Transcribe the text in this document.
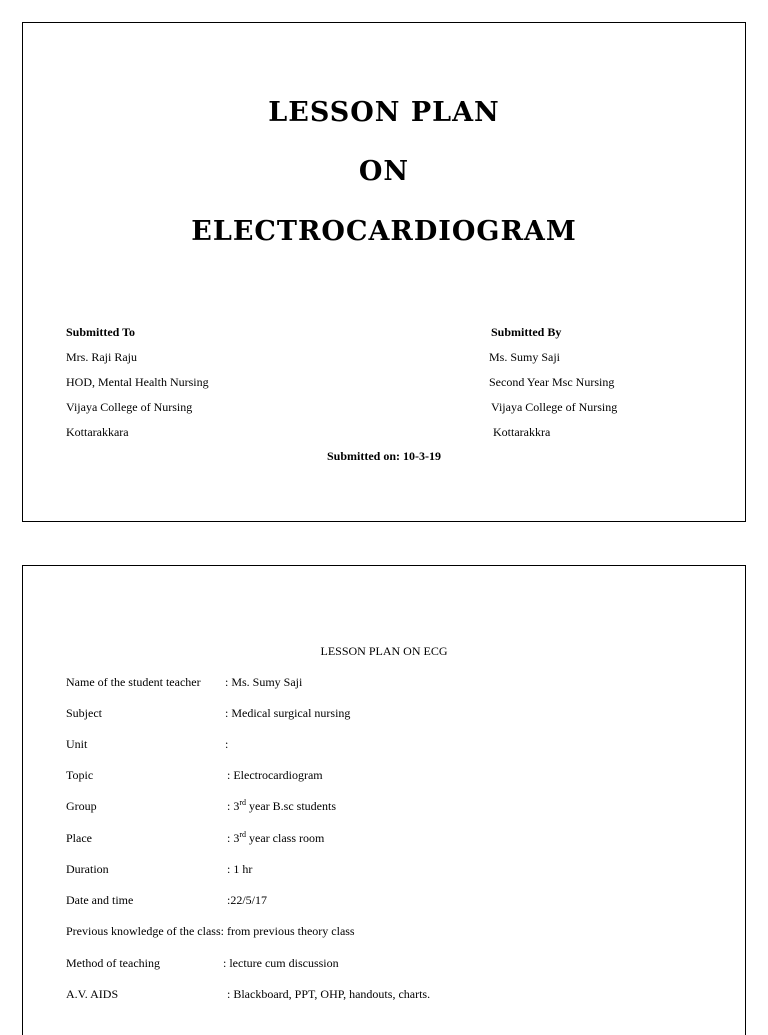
LESSON PLAN
ON
ELECTROCARDIOGRAM
Submitted To
Mrs. Raji Raju
HOD, Mental Health Nursing
Vijaya College of Nursing
Kottarakkara
Submitted By
Ms. Sumy Saji
Second Year Msc Nursing
Vijaya College of Nursing
Kottarakkra
Submitted on: 10-3-19
LESSON PLAN ON ECG
Name of the student teacher : Ms. Sumy Saji
Subject	: Medical surgical nursing
Unit	:
Topic	: Electrocardiogram
Group	: 3rd year B.sc students
Place	: 3rd year class room
Duration	: 1 hr
Date and time	:22/5/17
Previous knowledge of the class: from previous theory class
Method of teaching	: lecture cum discussion
A.V. AIDS	: Blackboard, PPT, OHP, handouts, charts.
